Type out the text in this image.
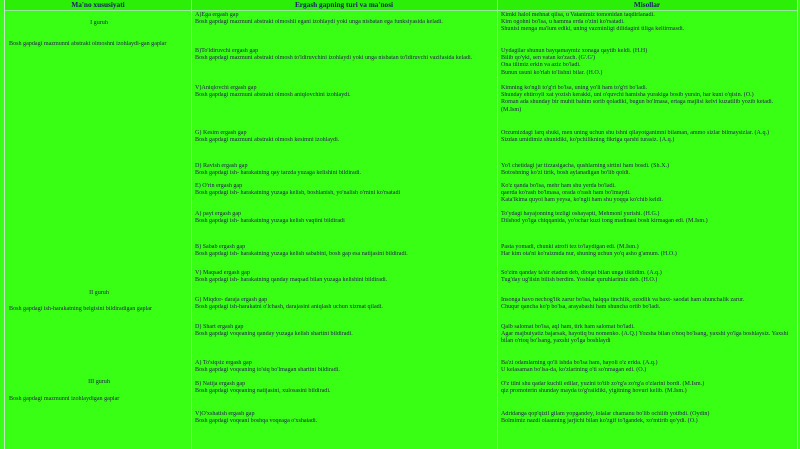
Ma'no xususiyati	Ergash gapning turi va ma'nosi	Misollar
I guruh
Bosh gapdagi mazmunni abstrakt olmoshni izohlaydi-gan gaplar
II guruh
Bosh gapdagi ish-harakatning belgisini bildiradigan gaplar
III guruh
Bosh gapdagi mazmunni izohlaydigan gaplar
A)Ega ergash gap
Bosh gapdagi mazmuni abstrakt olmoshli egani izohlaydi yoki unga nisbatan ega funksiyasida keladi.
Kimki halol mehnat qilsa, u Vatanimiz tomonidan taqdirlanadi.
Kim ogohni bo'lsa, u hamma erda o'zini ko'rsatadi.
Shunisi menga ma'lum ediki, uning vazminligi dilidagini tiliga keltirmasdi.
B)To'ldiruvchi ergash gap
Bosh gapdagi mazmuni abstrakt olmosh to'ldiruvchini izohlaydi yoki unga nisbatan to'ldiruvchi vazifasida keladi.
Uydagilar shunun bayqamaymiz xonaga qaytib keldi. (H.H)
Bilib qo'yki, sen vatan ko'zach. (G'.G')
Ona tilimiz erkin va aziz bo'ladi.
Bunun usuni ko'rlab to'lishni bilar. (H.O.)
V)Aniqlovchi ergash gap
Bosh gapdagi mazmuni abstrakt olmosh aniqlovchini izohlaydi.
Kimning ko'ngli to'g'ri bo'lsa, uning yo'li ham to'g'ri bo'ladi.
Shunday ehtiroyli xat yozish kerakki, uni o'quvchi hamisha yurakiga bosib yursin, har kuni o'qisin. (O.)
Roman ada shunday bir muhit bahim sorib qoladiki, bugun bo'lmasa, ertaga majlisi kelvi kuzatilib yozib ketadi. (M.Ism)
G) Kesim ergash gap
Bosh gapdagi mazmuni abstrakt olmosh kesimni izohlaydi.
Orzumizdagi farq shuki, men uning uchun shu ishni qilayotganimni bilaman, ammo sizlar bilmaysizlar. (A.q.)
Sizdan umidimiz shunidiki, ko'pchilikning fikriga qarshi turasiz. (A.q.)
D) Ravish ergash gap
Bosh gapdagi ish- harakatning qay tarzda yuzaga kelishini bildiradi.
Yo'l chetidagi jar tizzasigacha, qushlarning sirtini ham bosdi. (Sh.X.)
Botoshning ko'zi tirik, bosh aylanadigan bo'lib qoldi.
E) O'rin ergash gap
Bosh gapdagi ish- harakatning yuzaga kelish, boshlanish, yo'nalish o'rnini ko'rsatadi
Ko'z qanda bo'lsa, mehr ham shu yerda bo'ladi.
qaerda ko'rash bo'lmasa, orada o'rash ham bo'lmaydi.
Kata'lkima quyoi ham yeysa, ko'ngli ham shu yoqqa ko'chib keldi.
A) payt ergash gap
Bosh gapdagi ish- harakatning yuzaga kelish vaqtini bildiradi
To'ydagi hayajonning tezligi oshayapti, Mehmonl yurishi. (H.G.)
Dilshod yo'lga chiqqanida, yo'ochar kuzi tong madinasi bosh kirmagan edi. (M.Ism.)
B) Sabab ergash gap
Bosh gapdagi ish- harakatning yuzaga kelish sababini, bosh gap esa natijasini bildiradi.
Pasta yomadi, chunki atrofi tez to'laydigan edi. (M.Ism.)
Har kim ota'ni ko'raizmda nur, shuning uchun yo'q asho g'amum. (H.O.)
V) Maqsad ergash gap
Bosh gapdagi ish- harakatning qanday maqsad bilan yuzaga kelishini bildiradi.
So'zim qanday ta'sir etadun deb, dioqat bilan unga tikildim. (A.q.)
Tug'day ug'ilsin bilish berdim. Yoshlar quruhlarimiz deb. (H.O.)
G) Miqdor- daraja ergash gap
Bosh gapdagi ish-harakatni o'lchash, darajasini aniqlash uchun xizmat qiladi.
Insonga havo nechog'lik zarur bo'lsa, halqqa tinchlik, ozodlik va baxt- saodat ham shunchalik zarur.
Chuqur qancha ko'p bo'lsa, arayabashi ham shuncha ortib bo'ladi.
D) Shart ergash gap
Bosh gapdagi voqeaning qanday yuzaga kelish shartini bildiradi.
Qalb salomat bo'lsa, aql ham, tirk ham salomat bo'ladi.
Agar majbuiyatiz bajarsak, hayotiq bu nomenko. (A.Q.) Yozsha bilan o'noq bo'lsang, yaxshi yo'lga boshlaysiz. Yaxshi bilan o'rtoq bo'lsang, yaxshi yo'lga boshlaydi
A) To'siqsiz ergash gap
Bosh gapdagi voqeaning to'siq bo'lmagan shartini bildiradi.
Ba'zi odamlarning qo'li ishda bo'lsa ham, hayoli o'z erida. (A.q.)
U kelasaman bo'lsa-da, ko'zlarining o'ti so'nmagan edi. (O.)
B) Natija ergash gap
Bosh gapdagi voqeaning natijasini, xulosasini bildiradi.
O'z tilni shu qadar kuchli edilar, yuzini to'tib zo'rg'a zo'rg'a o'zlarini bordi. (M.Ism.)
qiz promoterin shunday mayda to'g'raildiki, yigitning hovuri kelib. (M.Ism.)
V)O'xshatish ergash gap
Bosh gapdagi voqeani boshqa voqeaga o'xshatadi.
Adridanga qop'qizil gilam yopgandey, lolalar chamanu bo'lib ochilib yotibdi. (Oydin)
Bolmimiz nazdi olaanning jarjichi bilan ko'zgif to'lgandek, xo'mtirib qo'ydi. (O.)
